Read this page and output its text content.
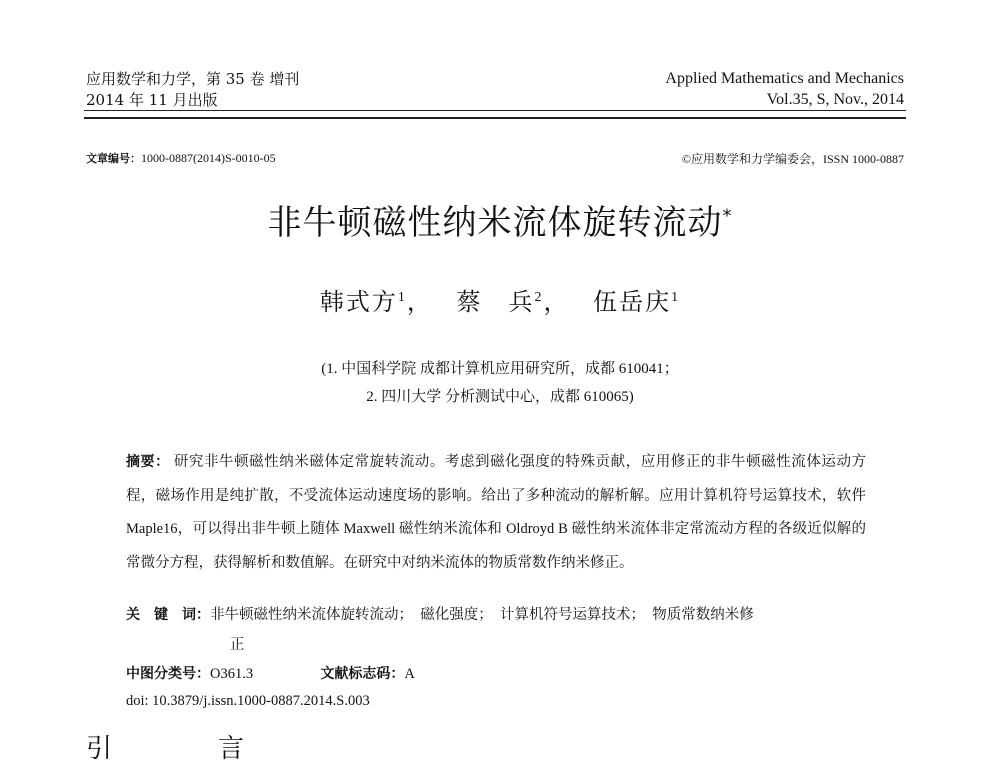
应用数学和力学，第 35 卷 增刊
2014 年 11 月出版
Applied Mathematics and Mechanics
Vol.35, S, Nov., 2014
文章编号：1000-0887(2014)S-0010-05	©应用数学和力学编委会，ISSN 1000-0887
非牛顿磁性纳米流体旋转流动*
韩式方$^1$，　 蔡　兵$^2$，　 伍岳庆$^1$
(1. 中国科学院 成都计算机应用研究所，成都 610041；
2. 四川大学 分析测试中心，成都 610065)
摘要： 研究非牛顿磁性纳米磁体定常旋转流动。考虑到磁化强度的特殊贡献，应用修正的非牛顿磁性流体运动方程，磁场作用是纯扩散，不受流体运动速度场的影响。给出了多种流动的解析解。应用计算机符号运算技术，软件 Maple16，可以得出非牛顿上随体 Maxwell 磁性纳米流体和 Oldroyd B 磁性纳米流体非定常流动方程的各级近似解的常微分方程，获得解析和数值解。在研究中对纳米流体的物质常数作纳米修正。
关　键　词：非牛顿磁性纳米流体旋转流动；　磁化强度；　计算机符号运算技术；　物质常数纳米修
正
中图分类号：O361.3	文献标志码：A
doi: 10.3879/j.issn.1000-0887.2014.S.003
引　言
